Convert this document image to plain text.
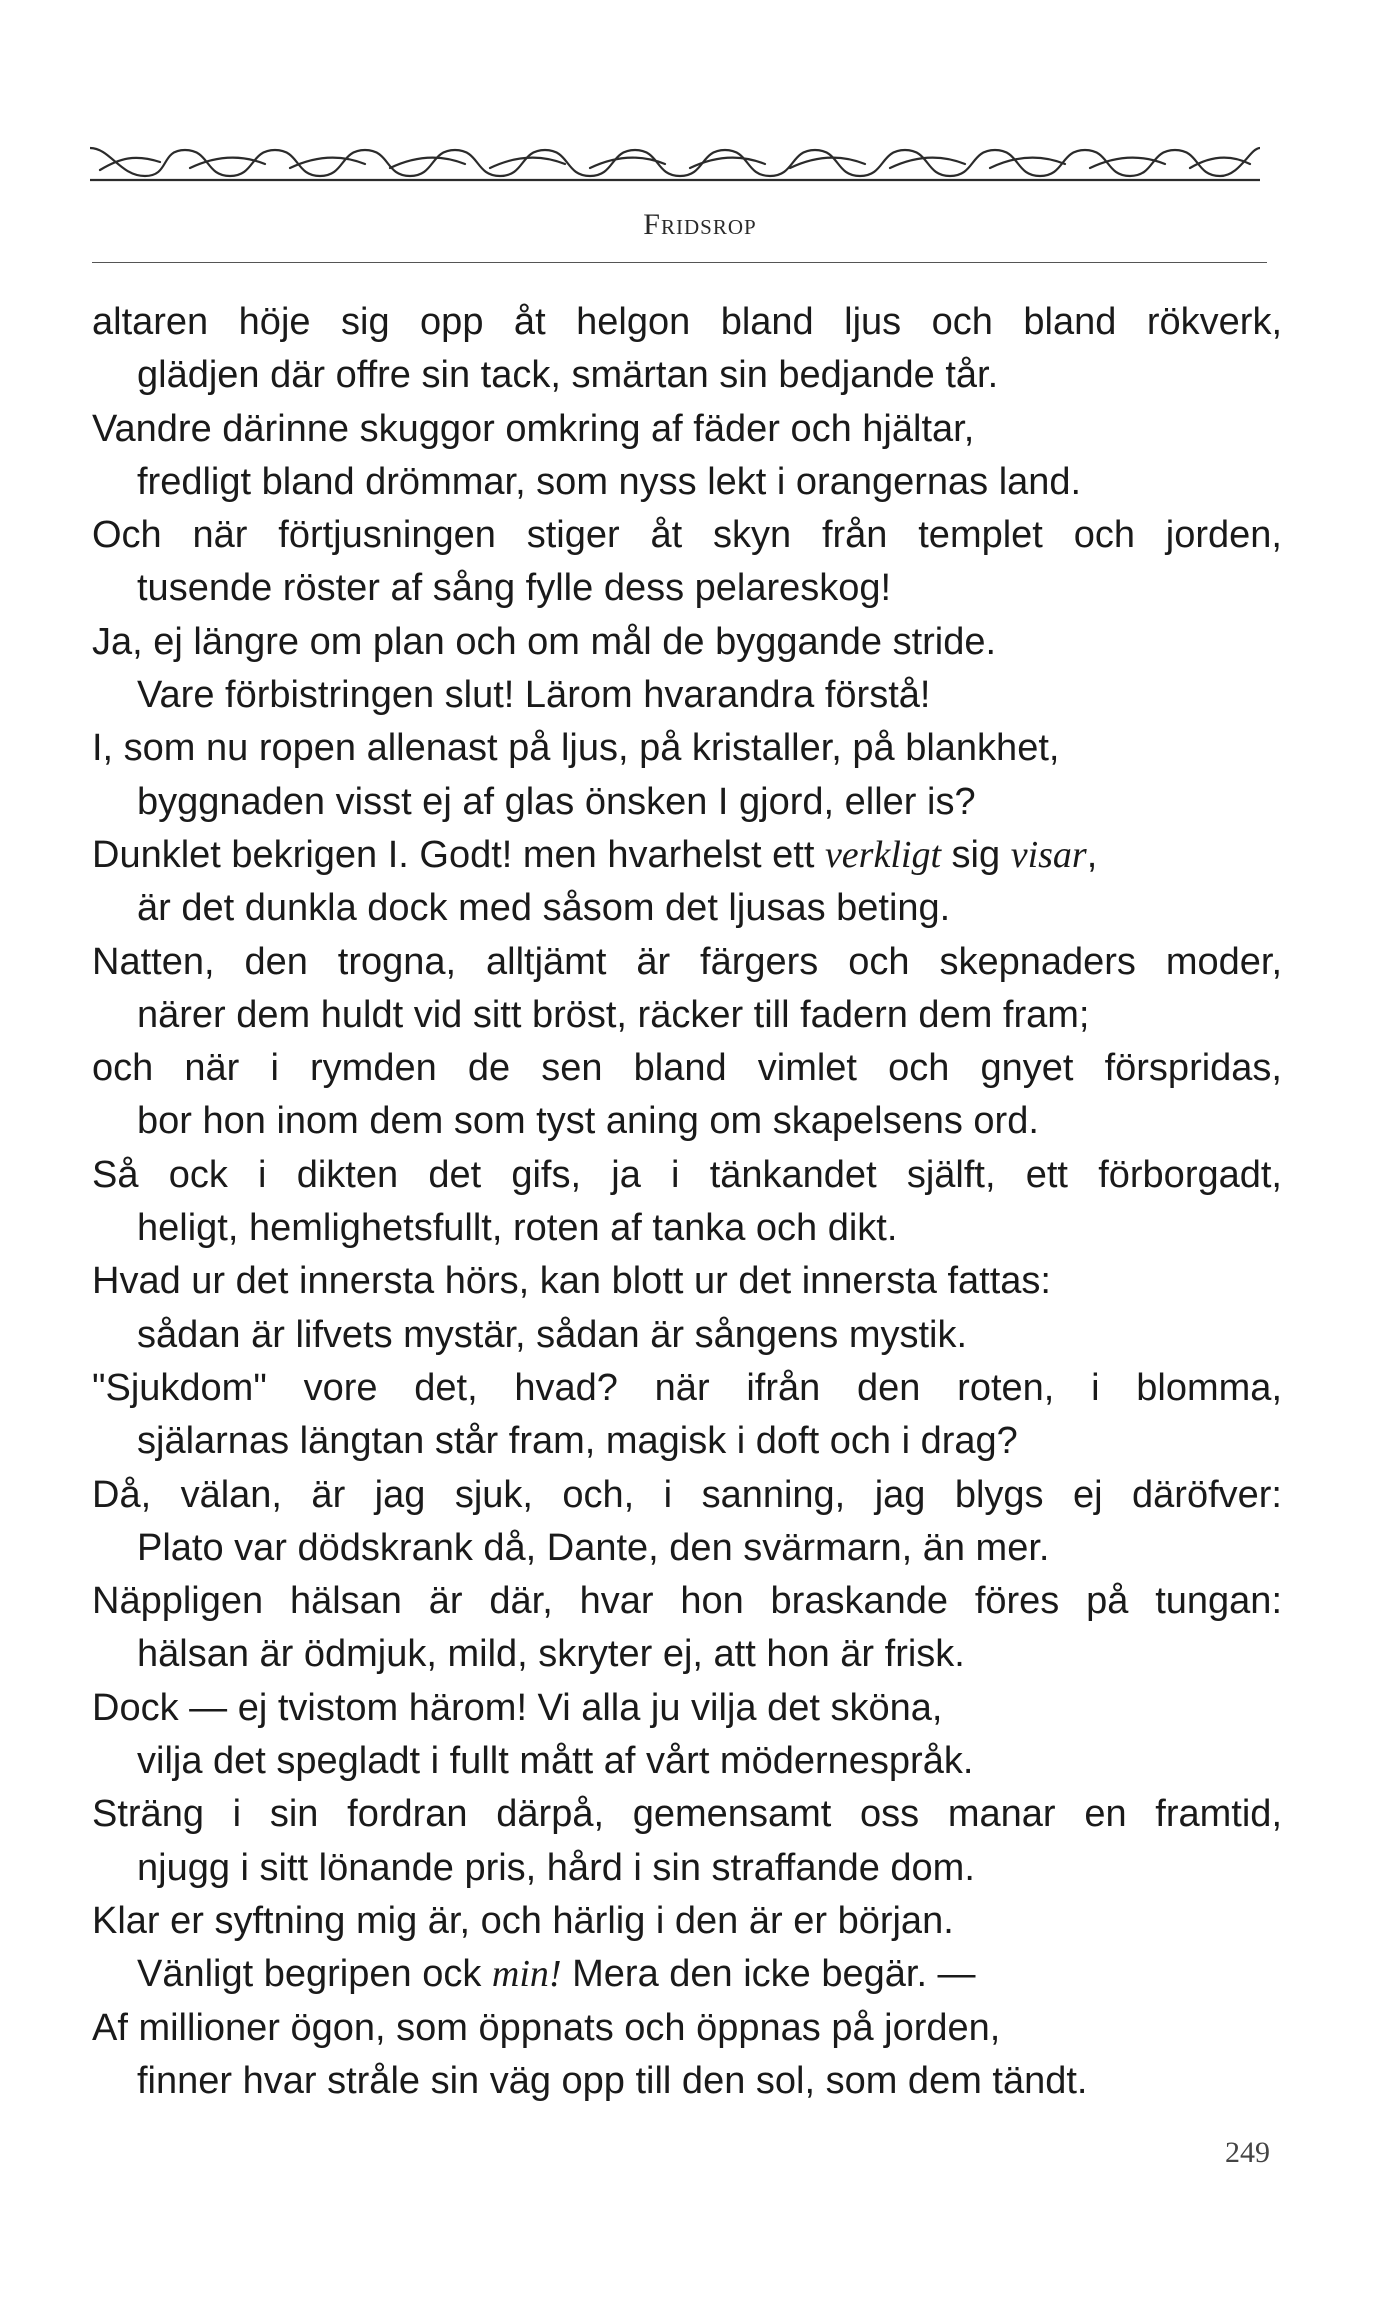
Fridsrop
altaren höje sig opp åt helgon bland ljus och bland rökverk,
glädjen där offre sin tack, smärtan sin bedjande tår.
Vandre därinne skuggor omkring af fäder och hjältar,
fredligt bland drömmar, som nyss lekt i orangernas land.
Och när förtjusningen stiger åt skyn från templet och jorden,
tusende röster af sång fylle dess pelareskog!
Ja, ej längre om plan och om mål de byggande stride.
Vare förbistringen slut! Lärom hvarandra förstå!
I, som nu ropen allenast på ljus, på kristaller, på blankhet,
byggnaden visst ej af glas önsken I gjord, eller is?
Dunklet bekrigen I. Godt! men hvarhelst ett verkligt sig visar,
är det dunkla dock med såsom det ljusas beting.
Natten, den trogna, alltjämt är färgers och skepnaders moder,
närer dem huldt vid sitt bröst, räcker till fadern dem fram;
och när i rymden de sen bland vimlet och gnyet förspridas,
bor hon inom dem som tyst aning om skapelsens ord.
Så ock i dikten det gifs, ja i tänkandet själft, ett förborgadt,
heligt, hemlighetsfullt, roten af tanka och dikt.
Hvad ur det innersta hörs, kan blott ur det innersta fattas:
sådan är lifvets mystär, sådan är sångens mystik.
"Sjukdom" vore det, hvad? när ifrån den roten, i blomma,
själarnas längtan står fram, magisk i doft och i drag?
Då, välan, är jag sjuk, och, i sanning, jag blygs ej däröfver:
Plato var dödskrank då, Dante, den svärmarn, än mer.
Näppligen hälsan är där, hvar hon braskande föres på tungan:
hälsan är ödmjuk, mild, skryter ej, att hon är frisk.
Dock — ej tvistom härom! Vi alla ju vilja det sköna,
vilja det spegladt i fullt mått af vårt mödernespråk.
Sträng i sin fordran därpå, gemensamt oss manar en framtid,
njugg i sitt lönande pris, hård i sin straffande dom.
Klar er syftning mig är, och härlig i den är er början.
Vänligt begripen ock min! Mera den icke begär. —
Af millioner ögon, som öppnats och öppnas på jorden,
finner hvar stråle sin väg opp till den sol, som dem tändt.
249
